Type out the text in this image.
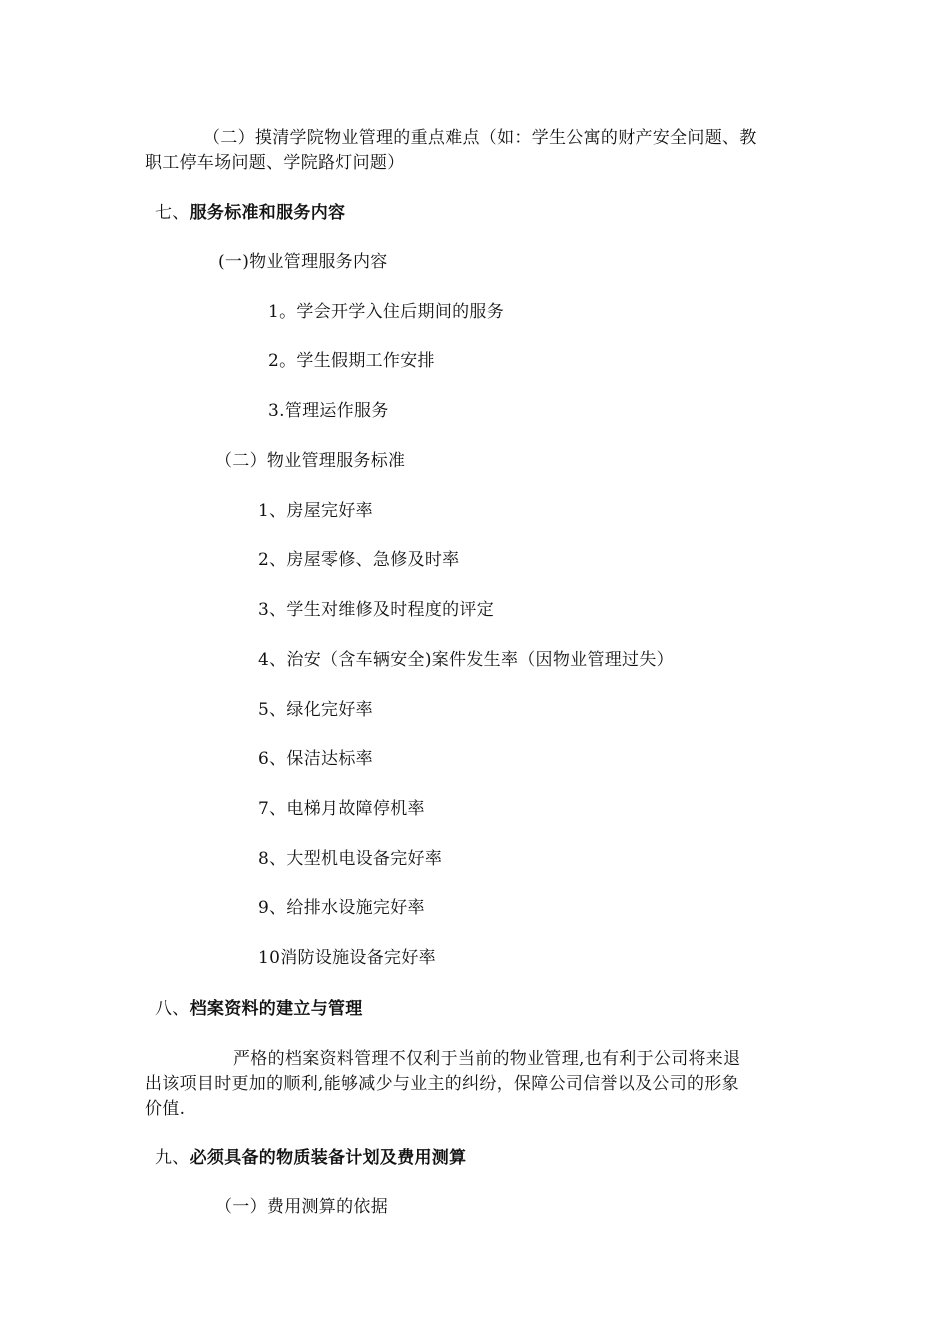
（二）摸清学院物业管理的重点难点（如：学生公寓的财产安全问题、教
职工停车场问题、学院路灯问题）
七、服务标准和服务内容
(一)物业管理服务内容
1。学会开学入住后期间的服务
2。学生假期工作安排
3.管理运作服务
（二）物业管理服务标准
1、房屋完好率
2、房屋零修、急修及时率
3、学生对维修及时程度的评定
4、治安（含车辆安全)案件发生率（因物业管理过失）
5、绿化完好率
6、保洁达标率
7、电梯月故障停机率
8、大型机电设备完好率
9、给排水设施完好率
10消防设施设备完好率
八、档案资料的建立与管理
严格的档案资料管理不仅利于当前的物业管理,也有利于公司将来退
出该项目时更加的顺利,能够减少与业主的纠纷，保障公司信誉以及公司的形象
价值.
九、必须具备的物质装备计划及费用测算
（一）费用测算的依据
